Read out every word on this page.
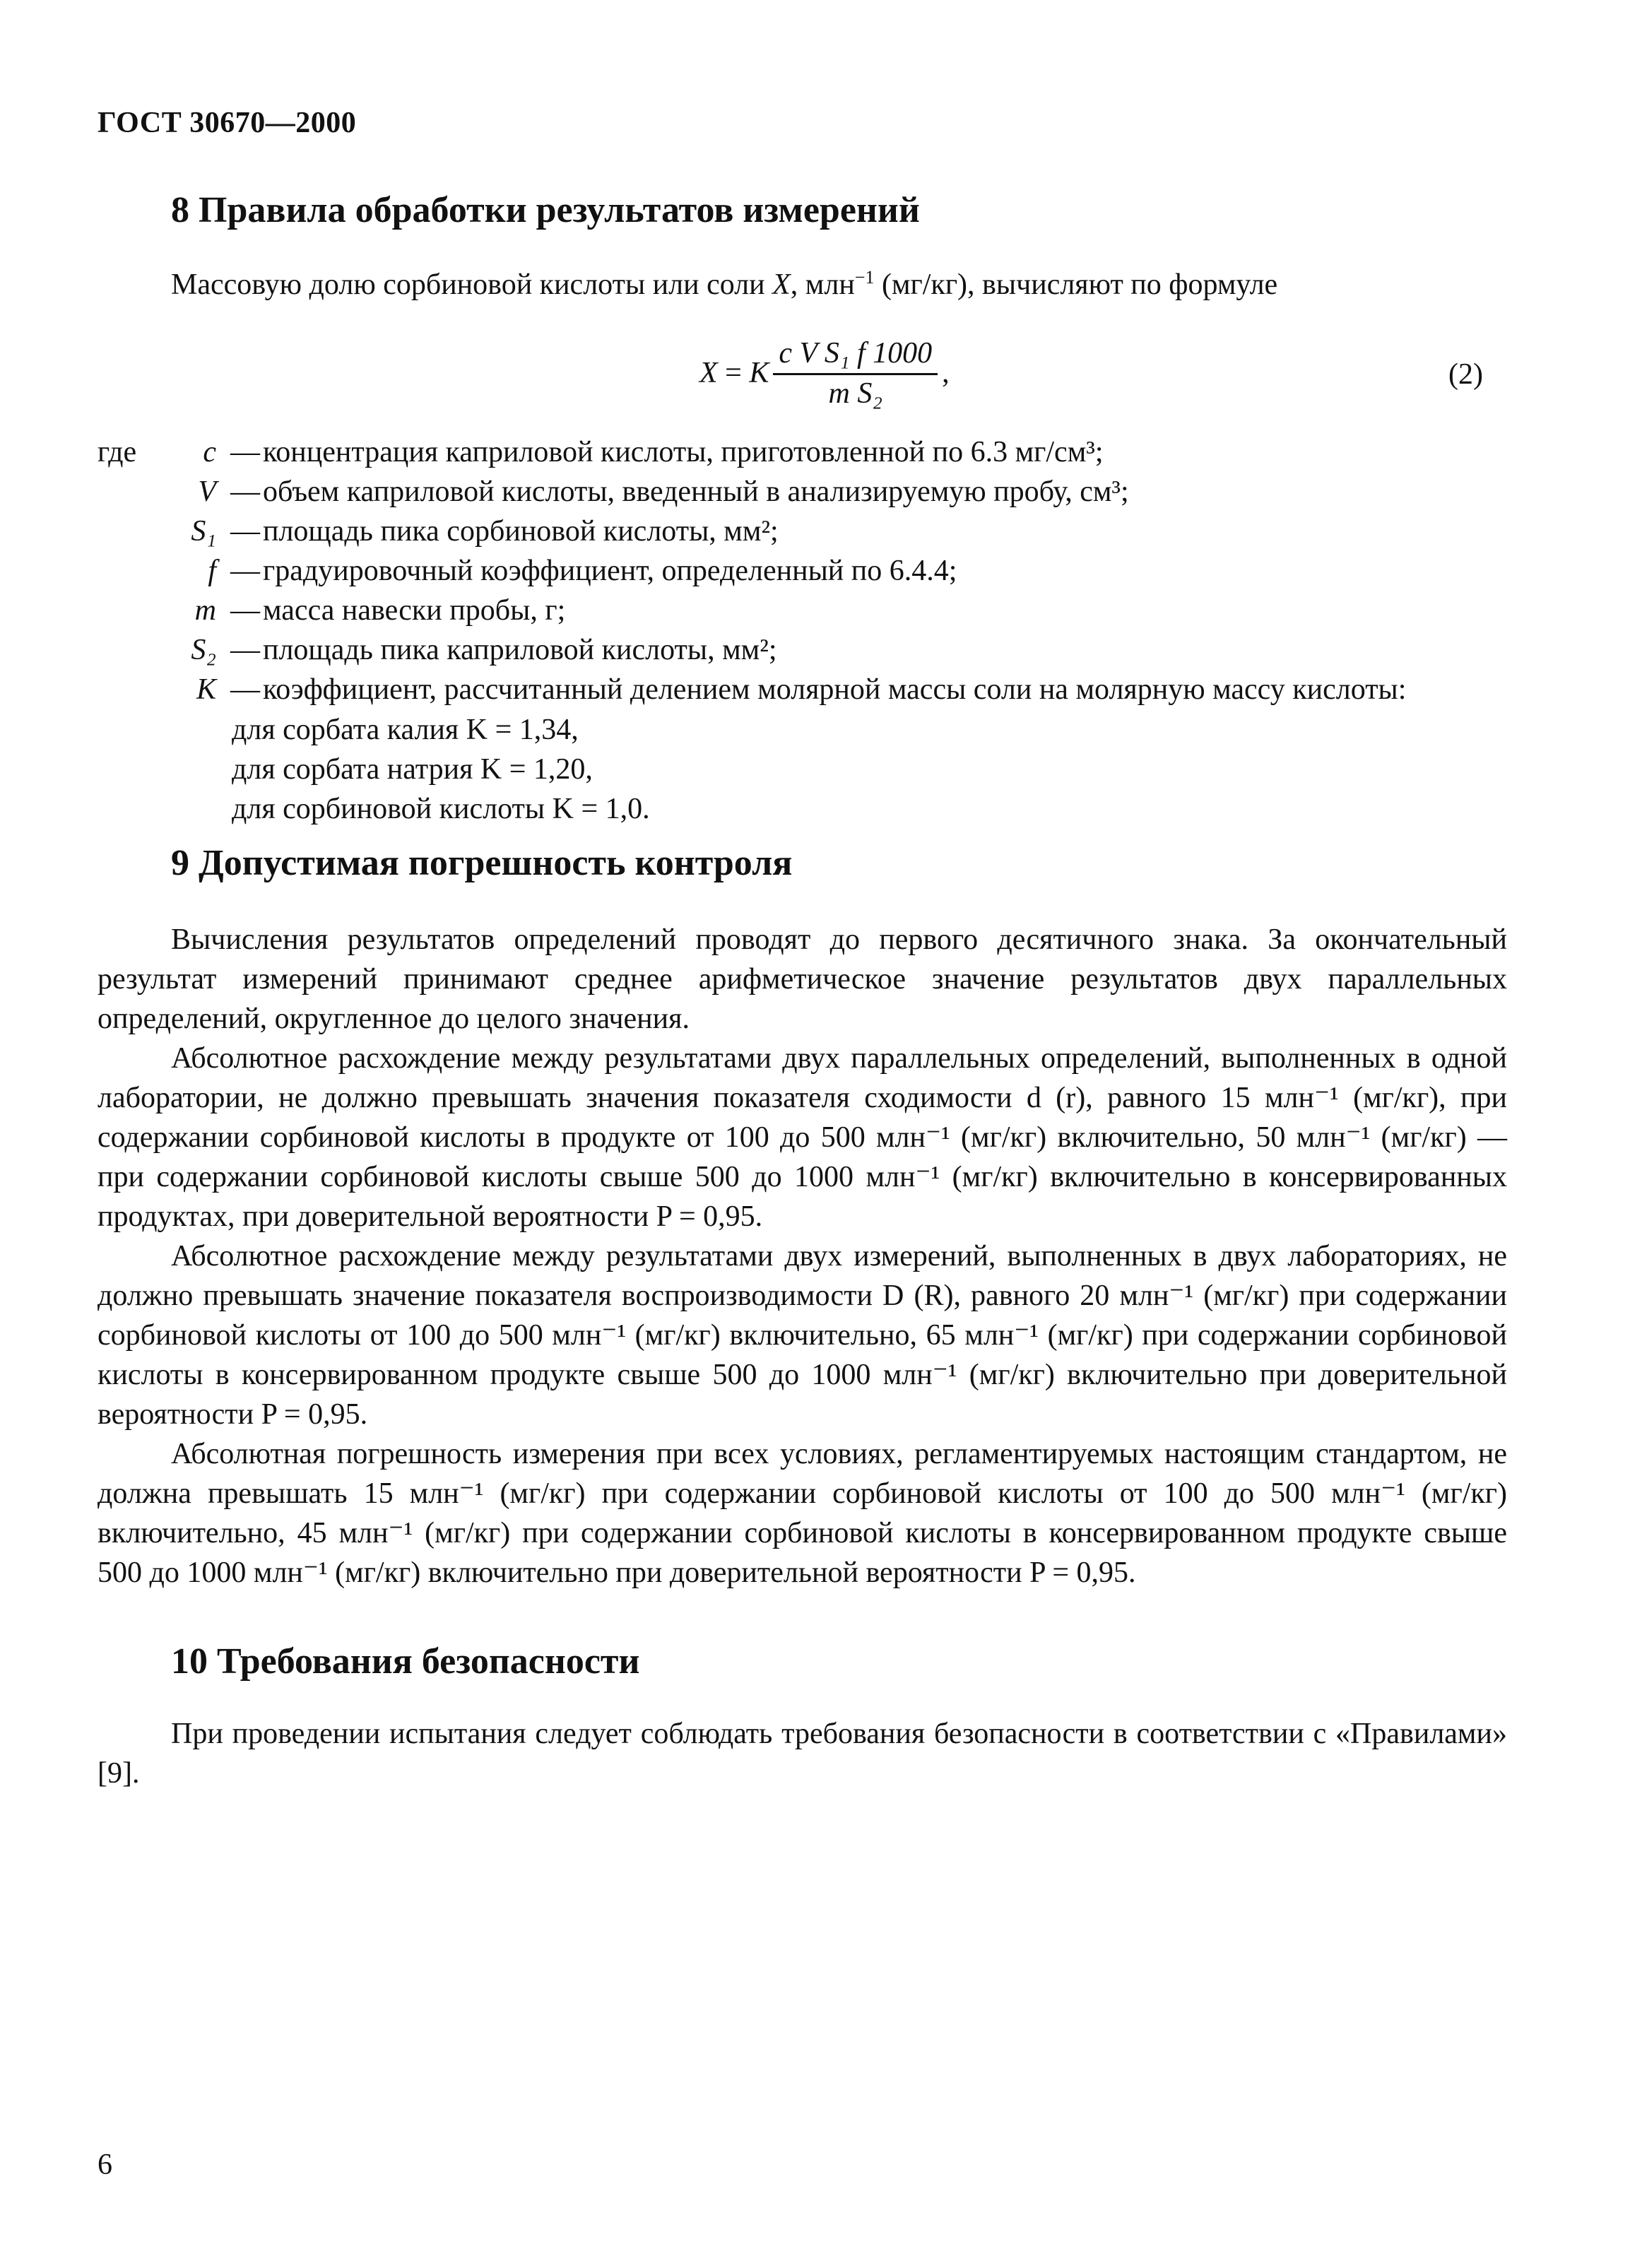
ГОСТ 30670—2000
8 Правила обработки результатов измерений
Массовую долю сорбиновой кислоты или соли X, млн$^{-1}$ (мг/кг), вычисляют по формуле
X = K $\frac{\text{c V S₁ f 1000}}{\text{m S₂}}$ ,	(2)
где	c — концентрация каприловой кислоты, приготовленной по 6.3 мг/см³;
V — объем каприловой кислоты, введенный в анализируемую пробу, см³;
S₁ — площадь пика сорбиновой кислоты, мм²;
f — градуировочный коэффициент, определенный по 6.4.4;
m — масса навески пробы, г;
S₂ — площадь пика каприловой кислоты, мм²;
K — коэффициент, рассчитанный делением молярной массы соли на молярную массу кислоты:
для сорбата калия K = 1,34,
для сорбата натрия K = 1,20,
для сорбиновой кислоты K = 1,0.
9 Допустимая погрешность контроля

Вычисления результатов определений проводят до первого десятичного знака. За окончательный результат измерений принимают среднее арифметическое значение результатов двух параллельных определений, округленное до целого значения.

Абсолютное расхождение между результатами двух параллельных определений, выполненных в одной лаборатории, не должно превышать значения показателя сходимости d (r), равного 15 млн⁻¹ (мг/кг), при содержании сорбиновой кислоты в продукте от 100 до 500 млн⁻¹ (мг/кг) включительно, 50 млн⁻¹ (мг/кг) — при содержании сорбиновой кислоты свыше 500 до 1000 млн⁻¹ (мг/кг) включительно в консервированных продуктах, при доверительной вероятности P = 0,95.

Абсолютное расхождение между результатами двух измерений, выполненных в двух лабораториях, не должно превышать значение показателя воспроизводимости D (R), равного 20 млн⁻¹ (мг/кг) при содержании сорбиновой кислоты от 100 до 500 млн⁻¹ (мг/кг) включительно, 65 млн⁻¹ (мг/кг) при содержании сорбиновой кислоты в консервированном продукте свыше 500 до 1000 млн⁻¹ (мг/кг) включительно при доверительной вероятности P = 0,95.

Абсолютная погрешность измерения при всех условиях, регламентируемых настоящим стандартом, не должна превышать 15 млн⁻¹ (мг/кг) при содержании сорбиновой кислоты от 100 до 500 млн⁻¹ (мг/кг) включительно, 45 млн⁻¹ (мг/кг) при содержании сорбиновой кислоты в консервированном продукте свыше 500 до 1000 млн⁻¹ (мг/кг) включительно при доверительной вероятности P = 0,95.

10 Требования безопасности

При проведении испытания следует соблюдать требования безопасности в соответствии с «Правилами» [9].

6
